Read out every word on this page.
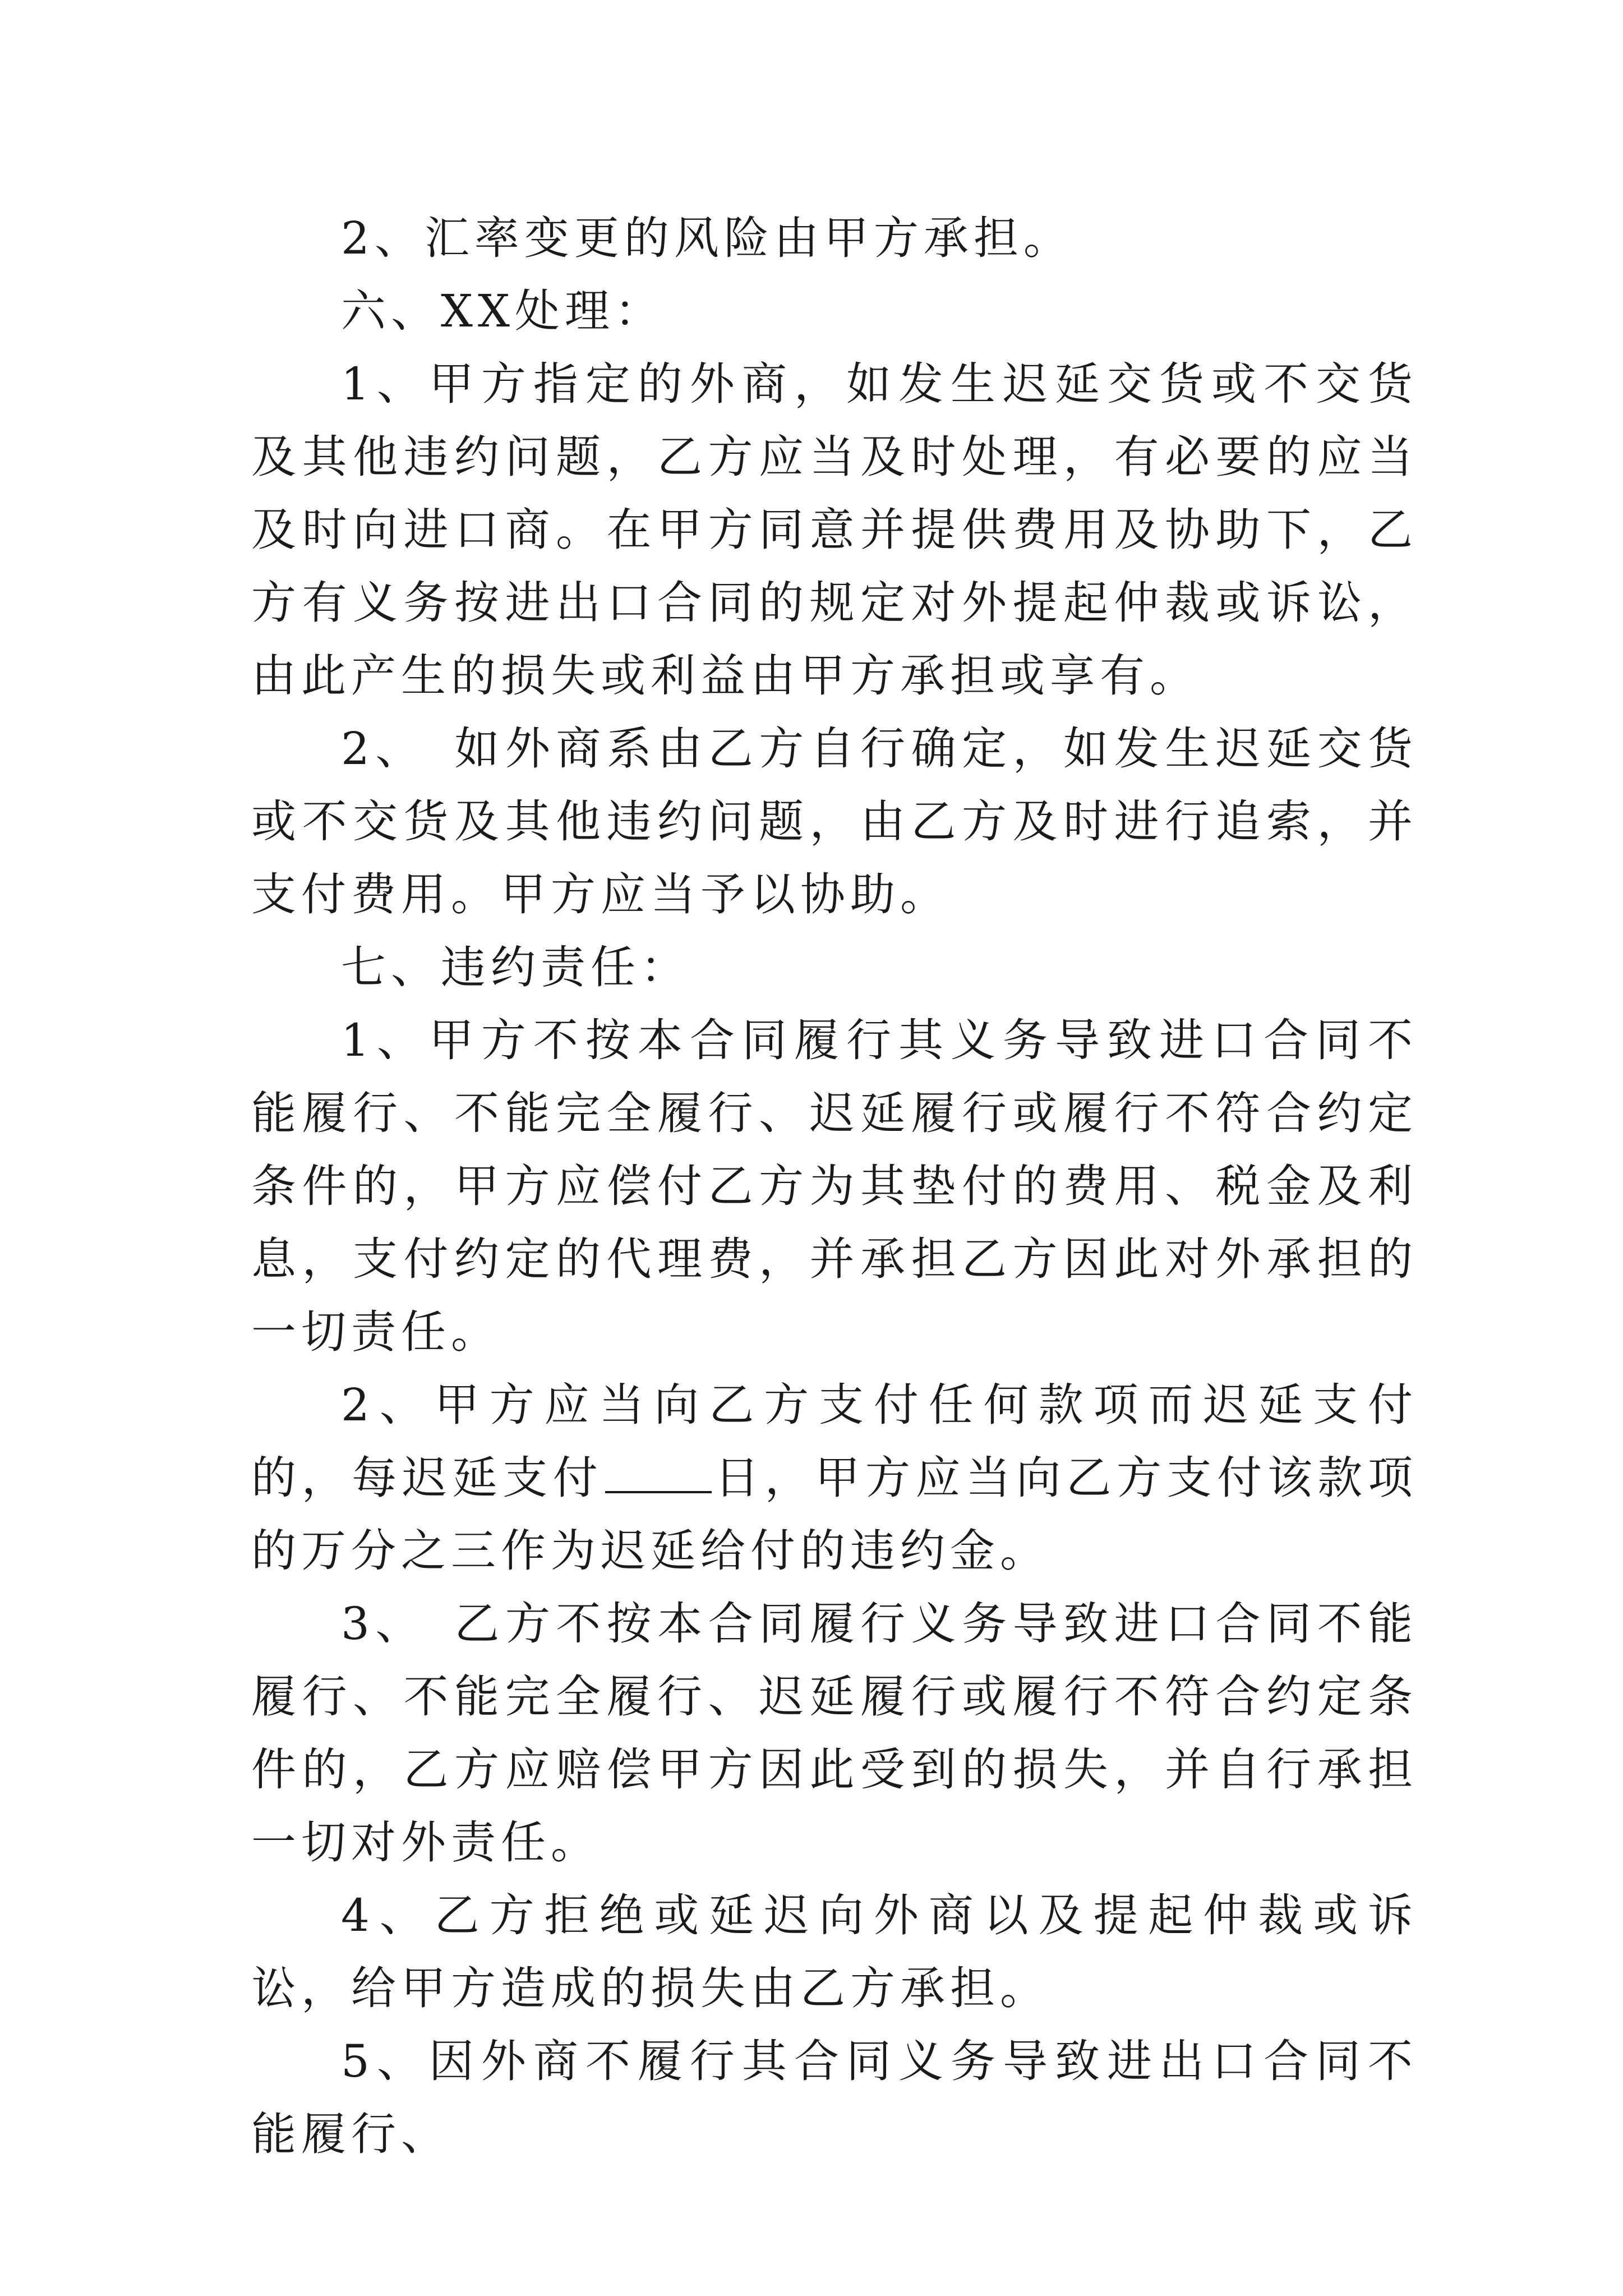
2、汇率变更的风险由甲方承担。

六、XX处理：

1、甲方指定的外商，如发生迟延交货或不交货及其他违约问题，乙方应当及时处理，有必要的应当及时向进口商。在甲方同意并提供费用及协助下，乙方有义务按进出口合同的规定对外提起仲裁或诉讼，由此产生的损失或利益由甲方承担或享有。

2、　如外商系由乙方自行确定，如发生迟延交货或不交货及其他违约问题，由乙方及时进行追索，并支付费用。甲方应当予以协助。

七、违约责任：

1、甲方不按本合同履行其义务导致进口合同不能履行、不能完全履行、迟延履行或履行不符合约定条件的，甲方应偿付乙方为其垫付的费用、税金及利息，支付约定的代理费，并承担乙方因此对外承担的一切责任。

2、甲方应当向乙方支付任何款项而迟延支付的，每迟延支付 日，甲方应当向乙方支付该款项的万分之三作为迟延给付的违约金。

3、　乙方不按本合同履行义务导致进口合同不能履行、不能完全履行、迟延履行或履行不符合约定条件的，乙方应赔偿甲方因此受到的损失，并自行承担一切对外责任。

4、乙方拒绝或延迟向外商以及提起仲裁或诉讼，给甲方造成的损失由乙方承担。

5、因外商不履行其合同义务导致进出口合同不能履行、
